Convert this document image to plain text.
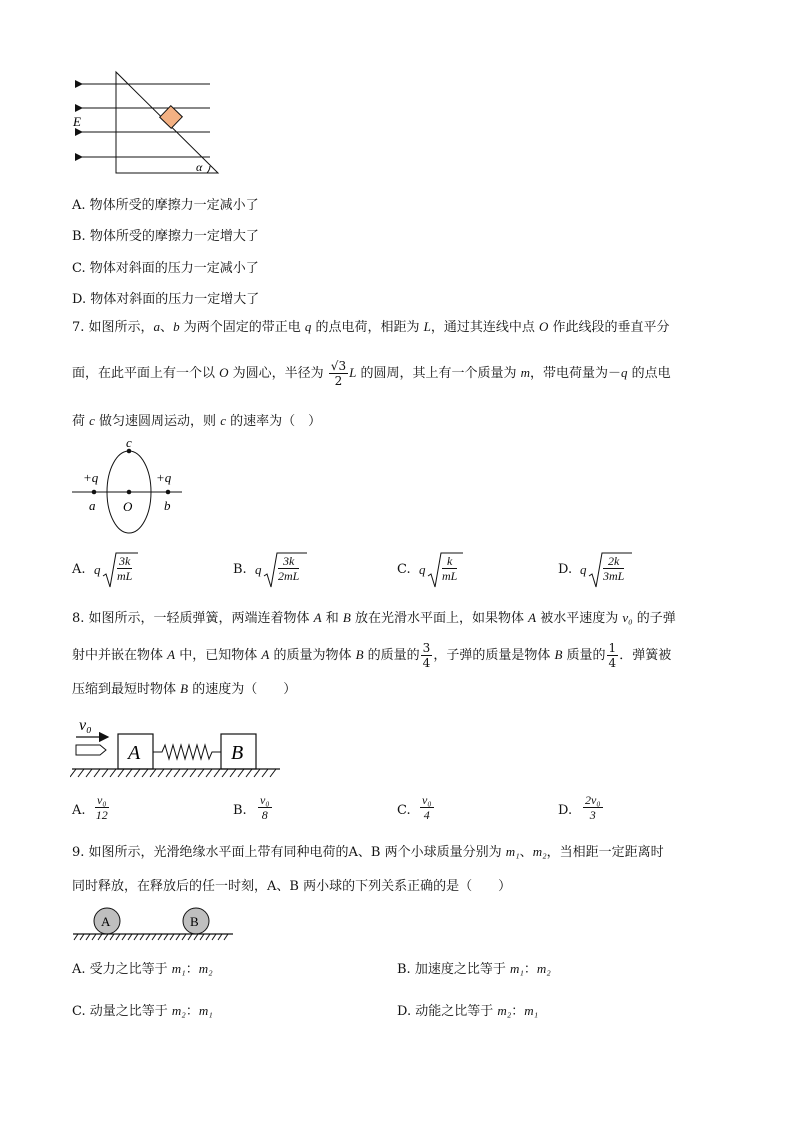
E
α
A. 物体所受的摩擦力一定减小了
B. 物体所受的摩擦力一定增大了
C. 物体对斜面的压力一定减小了
D. 物体对斜面的压力一定增大了
7. 如图所示，a、b 为两个固定的带正电 q 的点电荷，相距为 L，通过其连线中点 O 作此线段的垂直平分
面，在此平面上有一个以 O 为圆心，半径为 $\frac{√3}{2}$ L 的圆周，其上有一个质量为 m，带电荷量为－q 的点电
荷 c 做匀速圆周运动，则 c 的速率为（　）
+q	+q
a	b
O
c
A. q $\frac{3k}{mL}$	B. q $\frac{3k}{2mL}$	C. q $\frac{k}{mL}$	D. q $\frac{2k}{3mL}$
8. 如图所示，一轻质弹簧，两端连着物体 A 和 B 放在光滑水平面上，如果物体 A 被水平速度为 v₀ 的子弹
射中并嵌在物体 A 中，已知物体 A 的质量为物体 B 的质量的 $\frac{3}{4}$ ，子弹的质量是物体 B 质量的 $\frac{1}{4}$ ．弹簧被
压缩到最短时物体 B 的速度为（　　）
v₀
A	B
A. $\frac{\text{v₀}}{12}$	B. $\frac{\text{v₀}}{8}$	C. $\frac{\text{v₀}}{4}$	D. $\frac{\text{2v₀}}{3}$
9. 如图所示，光滑绝缘水平面上带有同种电荷的A、B 两个小球质量分别为 m₁、m₂，当相距一定距离时
同时释放，在释放后的任一时刻，A、B 两小球的下列关系正确的是（　　）
A	B
A. 受力之比等于 m₁：m₂	B. 加速度之比等于 m₁：m₂
C. 动量之比等于 m₂：m₁	D. 动能之比等于 m₂：m₁
